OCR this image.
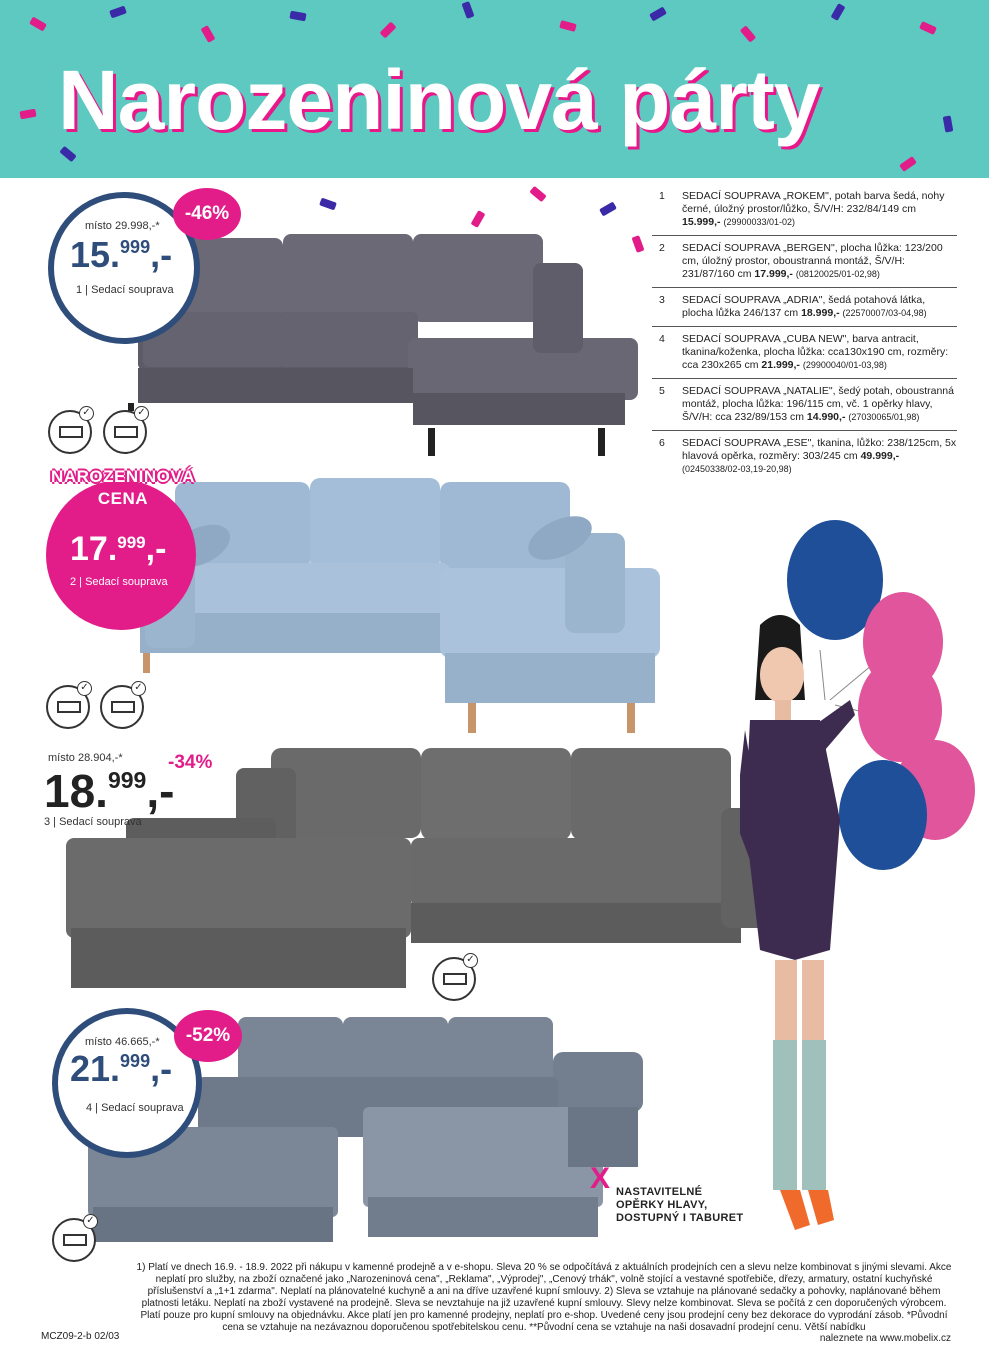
Narozeninová párty
místo 29.998,-*
15.$^{999}$,-
1 | Sedací souprava
-46%
✓	✓
1 SEDACÍ SOUPRAVA „ROKEM", potah barva šedá, nohy černé, úložný prostor/lůžko, Š/V/H: 232/84/149 cm 15.999,- (29900033/01-02)
2 SEDACÍ SOUPRAVA „BERGEN", plocha lůžka: 123/200 cm, úložný prostor, oboustranná montáž, Š/V/H: 231/87/160 cm 17.999,- (08120025/01-02,98)
3 SEDACÍ SOUPRAVA „ADRIA", šedá potahová látka, plocha lůžka 246/137 cm 18.999,- (22570007/03-04,98)
4 SEDACÍ SOUPRAVA „CUBA NEW", barva antracit, tkanina/koženka, plocha lůžka: cca130x190 cm, rozměry: cca 230x265 cm 21.999,- (29900040/01-03,98)
5 SEDACÍ SOUPRAVA „NATALIE", šedý potah, oboustranná montáž, plocha lůžka: 196/115 cm, vč. 1 opěrky hlavy, Š/V/H: cca 232/89/153 cm 14.990,- (27030065/01,98)
6 SEDACÍ SOUPRAVA „ESE", tkanina, lůžko: 238/125cm, 5x hlavová opěrka, rozměry: 303/245 cm 49.999,- (02450338/02-03,19-20,98)
NAROZENINOVÁ
CENA
17.$^{999}$,-
2 | Sedací souprava
✓	✓
místo 28.904,-*
18.$^{999}$,-
-34%
3 | Sedací souprava
✓
místo 46.665,-*
21.$^{999}$,-
4 | Sedací souprava
-52%
✓
X NASTAVITELNÉ
OPĚRKY HLAVY,
DOSTUPNÝ I TABURET
1) Platí ve dnech 16.9. - 18.9. 2022 při nákupu v kamenné prodejně a v e-shopu. Sleva 20 % se odpočítává z aktuálních prodejních cen a slevu nelze kombinovat s jinými slevami. Akce neplatí pro služby, na zboží označené jako „Narozeninová cena", „Reklama", „Výprodej", „Cenový trhák", volně stojící a vestavné spotřebiče, dřezy, armatury, ostatní kuchyňské příslušenství a „1+1 zdarma". Neplatí na plánovatelné kuchyně a ani na dříve uzavřené kupní smlouvy. 2) Sleva se vztahuje na plánované sedačky a pohovky, naplánované během platnosti letáku. Neplatí na zboží vystavené na prodejně. Sleva se nevztahuje na již uzavřené kupní smlouvy. Slevy nelze kombinovat. Sleva se počítá z cen doporučených výrobcem. Platí pouze pro kupní smlouvy na objednávku. Akce platí jen pro kamenné prodejny, neplatí pro e-shop. Uvedené ceny jsou prodejní ceny bez dekorace do vyprodání zásob. *Původní cena se vztahuje na nezávaznou doporučenou spotřebitelskou cenu. **Původní cena se vztahuje na naši dosavadní prodejní cenu. Větší nabídku
naleznete na www.mobelix.cz
MCZ09-2-b 02/03
